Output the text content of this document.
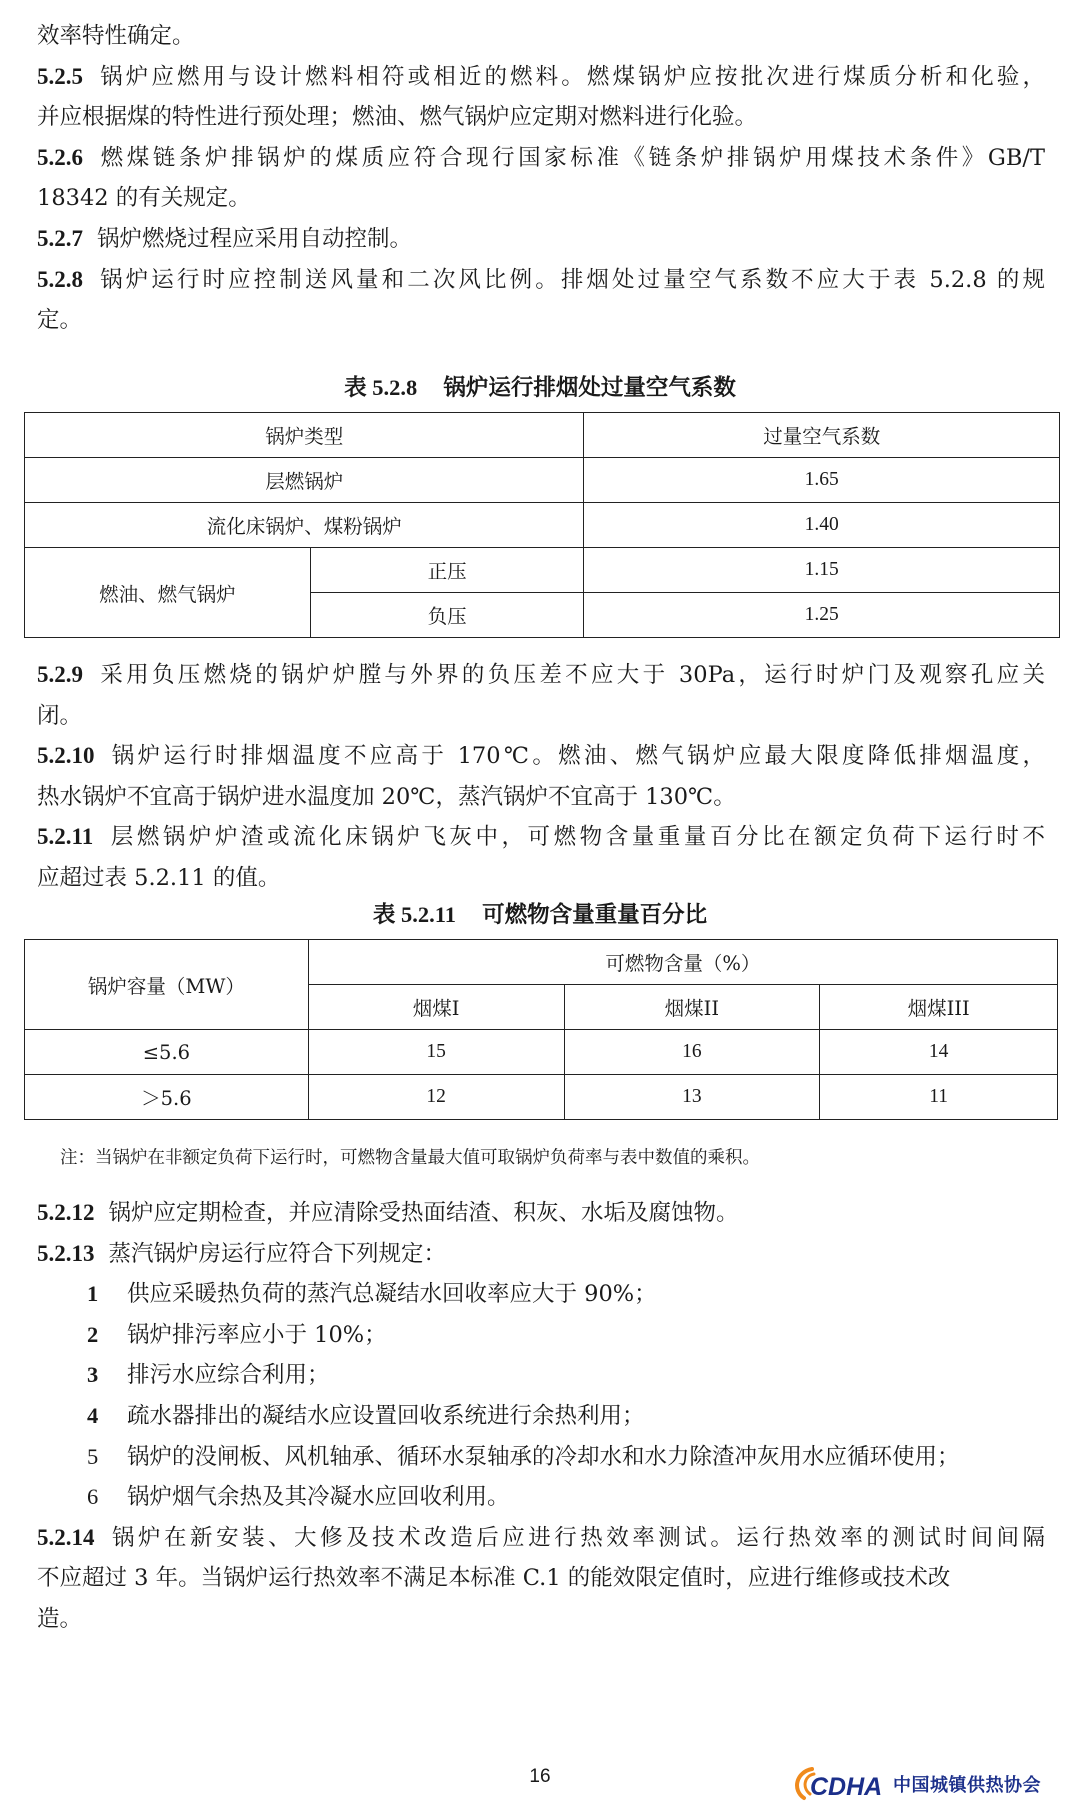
效率特性确定。
5.2.5 锅炉应燃用与设计燃料相符或相近的燃料。燃煤锅炉应按批次进行煤质分析和化验，
并应根据煤的特性进行预处理；燃油、燃气锅炉应定期对燃料进行化验。
5.2.6 燃煤链条炉排锅炉的煤质应符合现行国家标准《链条炉排锅炉用煤技术条件》GB/T
18342 的有关规定。
5.2.7 锅炉燃烧过程应采用自动控制。
5.2.8 锅炉运行时应控制送风量和二次风比例。排烟处过量空气系数不应大于表 5.2.8 的规
定。
表 5.2.8 锅炉运行排烟处过量空气系数
锅炉类型		过量空气系数
层燃锅炉		1.65
流化床锅炉、煤粉锅炉		1.40
燃油、燃气锅炉	正压	1.15
	负压	1.25
5.2.9 采用负压燃烧的锅炉炉膛与外界的负压差不应大于 30Pa，运行时炉门及观察孔应关
闭。
5.2.10 锅炉运行时排烟温度不应高于 170℃。燃油、燃气锅炉应最大限度降低排烟温度，
热水锅炉不宜高于锅炉进水温度加 20℃，蒸汽锅炉不宜高于 130℃。
5.2.11 层燃锅炉炉渣或流化床锅炉飞灰中，可燃物含量重量百分比在额定负荷下运行时不
应超过表 5.2.11 的值。
表 5.2.11 可燃物含量重量百分比
锅炉容量（MW）	可燃物含量（%）		
	烟煤I	烟煤II	烟煤III
≤5.6	15	16	14
＞5.6	12	13	11
注：当锅炉在非额定负荷下运行时，可燃物含量最大值可取锅炉负荷率与表中数值的乘积。
5.2.12 锅炉应定期检查，并应清除受热面结渣、积灰、水垢及腐蚀物。
5.2.13 蒸汽锅炉房运行应符合下列规定：
1 供应采暖热负荷的蒸汽总凝结水回收率应大于 90%；
2 锅炉排污率应小于 10%；
3 排污水应综合利用；
4 疏水器排出的凝结水应设置回收系统进行余热利用；
5 锅炉的没闸板、风机轴承、循环水泵轴承的冷却水和水力除渣冲灰用水应循环使用；
6 锅炉烟气余热及其冷凝水应回收利用。
5.2.14 锅炉在新安装、大修及技术改造后应进行热效率测试。运行热效率的测试时间间隔
不应超过 3 年。当锅炉运行热效率不满足本标准 C.1 的能效限定值时，应进行维修或技术改
造。
16	CDHA 中国城镇供热协会
